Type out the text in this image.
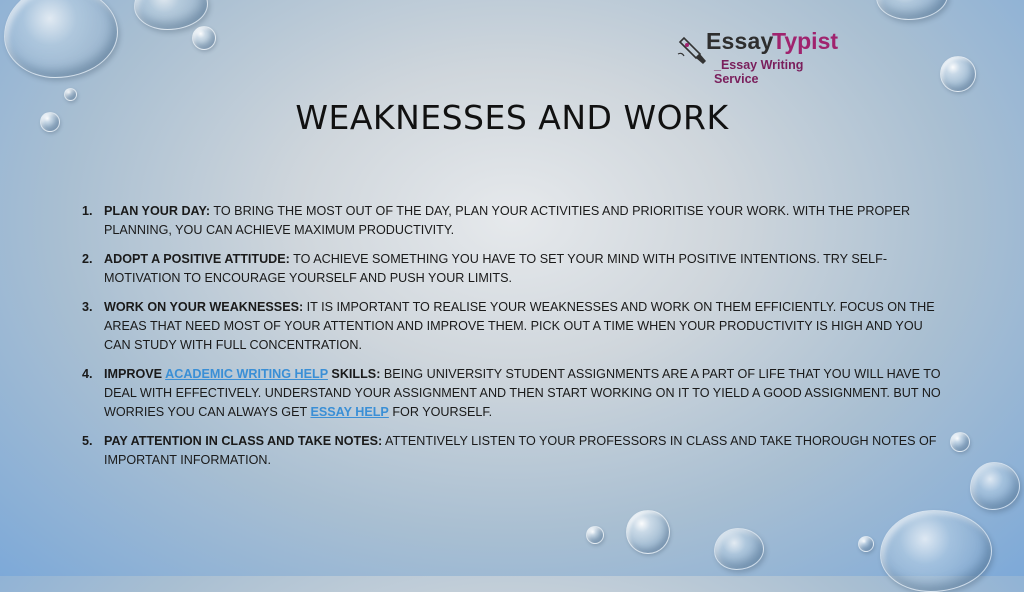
Essay
Typist
_Essay Writing Service
WEAKNESSES AND WORK
1. PLAN YOUR DAY: TO BRING THE MOST OUT OF THE DAY, PLAN YOUR ACTIVITIES AND PRIORITISE YOUR WORK. WITH THE PROPER PLANNING, YOU CAN ACHIEVE MAXIMUM PRODUCTIVITY.
2. ADOPT A POSITIVE ATTITUDE: TO ACHIEVE SOMETHING YOU HAVE TO SET YOUR MIND WITH POSITIVE INTENTIONS. TRY SELF-MOTIVATION TO ENCOURAGE YOURSELF AND PUSH YOUR LIMITS.
3. WORK ON YOUR WEAKNESSES: IT IS IMPORTANT TO REALISE YOUR WEAKNESSES AND WORK ON THEM EFFICIENTLY. FOCUS ON THE AREAS THAT NEED MOST OF YOUR ATTENTION AND IMPROVE THEM. PICK OUT A TIME WHEN YOUR PRODUCTIVITY IS HIGH AND YOU CAN STUDY WITH FULL CONCENTRATION.
4. IMPROVE ACADEMIC WRITING HELP SKILLS: BEING UNIVERSITY STUDENT ASSIGNMENTS ARE A PART OF LIFE THAT YOU WILL HAVE TO DEAL WITH EFFECTIVELY. UNDERSTAND YOUR ASSIGNMENT AND THEN START WORKING ON IT TO YIELD A GOOD ASSIGNMENT. BUT NO WORRIES YOU CAN ALWAYS GET ESSAY HELP FOR YOURSELF.
5. PAY ATTENTION IN CLASS AND TAKE NOTES: ATTENTIVELY LISTEN TO YOUR PROFESSORS IN CLASS AND TAKE THOROUGH NOTES OF IMPORTANT INFORMATION.
